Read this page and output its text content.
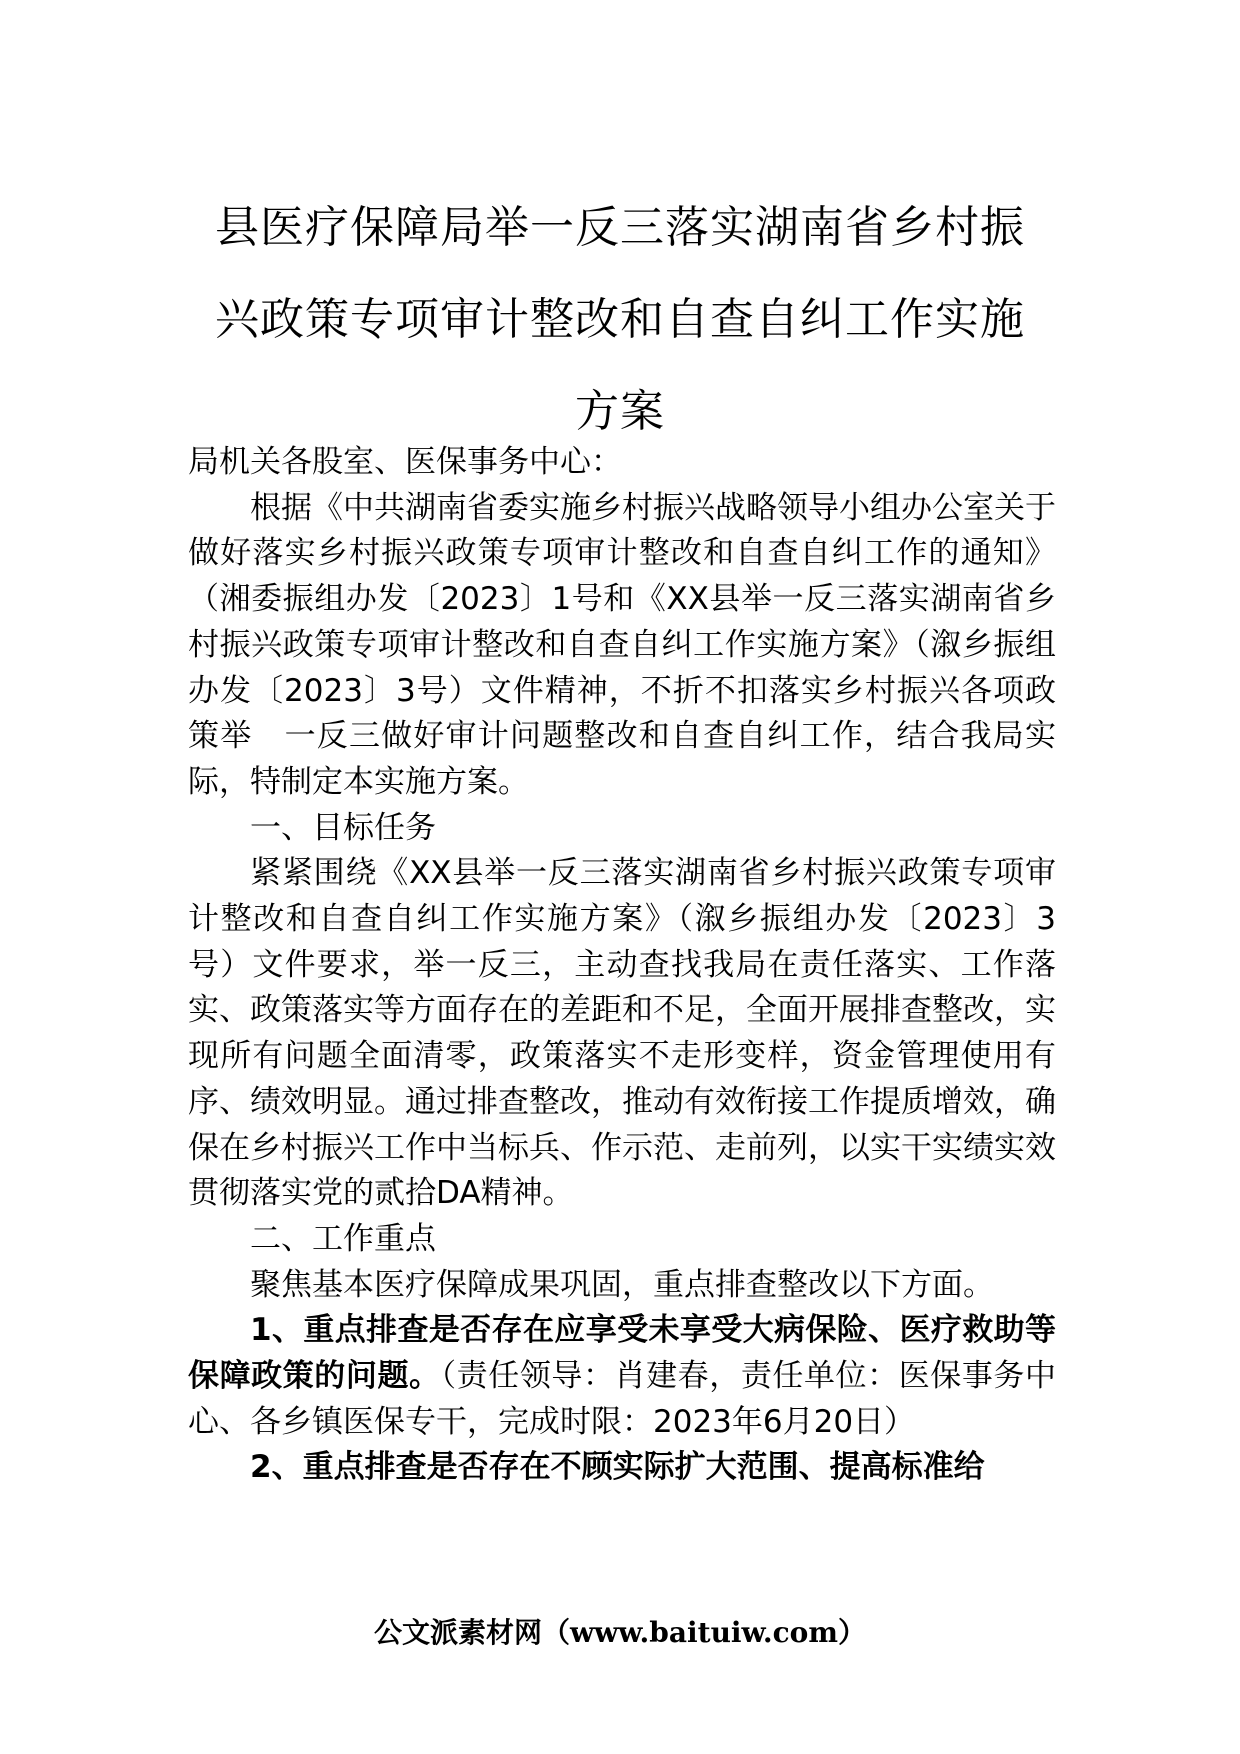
县医疗保障局举一反三落实湖南省乡村振
兴政策专项审计整改和自查自纠工作实施
方案

局机关各股室、医保事务中心：

根据《中共湖南省委实施乡村振兴战略领导小组办公室关于做好落实乡村振兴政策专项审计整改和自查自纠工作的通知》（湘委振组办发〔2023〕1号和《XX县举一反三落实湖南省乡村振兴政策专项审计整改和自查自纠工作实施方案》（溆乡振组办发〔2023〕3号）文件精神，不折不扣落实乡村振兴各项政策举　一反三做好审计问题整改和自查自纠工作，结合我局实际，特制定本实施方案。

一、目标任务

紧紧围绕《XX县举一反三落实湖南省乡村振兴政策专项审计整改和自查自纠工作实施方案》（溆乡振组办发〔2023〕3号）文件要求，举一反三，主动查找我局在责任落实、工作落实、政策落实等方面存在的差距和不足，全面开展排查整改，实现所有问题全面清零，政策落实不走形变样，资金管理使用有序、绩效明显。通过排查整改，推动有效衔接工作提质增效，确保在乡村振兴工作中当标兵、作示范、走前列，以实干实绩实效贯彻落实党的贰拾DA精神。

二、工作重点

聚焦基本医疗保障成果巩固，重点排查整改以下方面。

1、重点排查是否存在应享受未享受大病保险、医疗救助等保障政策的问题。（责任领导：肖建春，责任单位：医保事务中心、各乡镇医保专干，完成时限：2023年6月20日）

2、重点排查是否存在不顾实际扩大范围、提高标准给

公文派素材网（www.baituiw.com）
